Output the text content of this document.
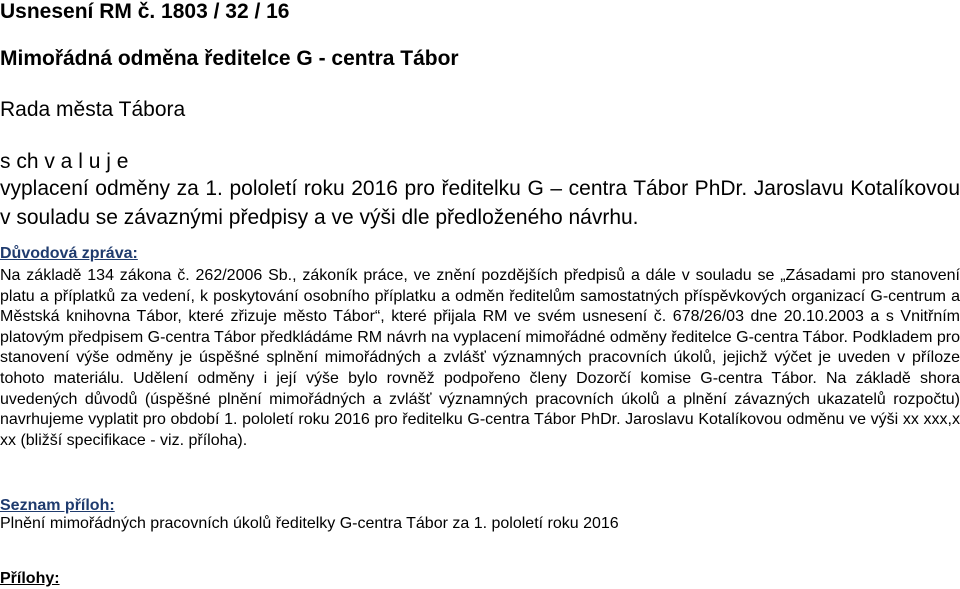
Usnesení RM č. 1803 / 32 / 16
Mimořádná odměna ředitelce G - centra Tábor

Rada města Tábora

s ch v a l u j e

vyplacení odměny za 1. pololetí roku 2016 pro ředitelku G – centra Tábor PhDr. Jaroslavu Kotalíkovou v souladu se závaznými předpisy a ve výši dle předloženého návrhu.

Důvodová zpráva:

Na základě 134 zákona č. 262/2006 Sb., zákoník práce, ve znění pozdějších předpisů a dále v souladu se „Zásadami pro stanovení platu a příplatků za vedení, k poskytování osobního příplatku a odměn ředitelům samostatných příspěvkových organizací G-centrum a Městská knihovna Tábor, které zřizuje město Tábor“, které přijala RM ve svém usnesení č. 678/26/03 dne 20.10.2003 a s Vnitřním platovým předpisem G-centra Tábor předkládáme RM návrh na vyplacení mimořádné odměny ředitelce G-centra Tábor. Podkladem pro stanovení výše odměny je úspěšné splnění mimořádných a zvlášť významných pracovních úkolů, jejichž výčet je uveden v příloze tohoto materiálu. Udělení odměny i její výše bylo rovněž podpořeno členy Dozorčí komise G-centra Tábor. Na základě shora uvedených důvodů (úspěšné plnění mimořádných a zvlášť významných pracovních úkolů a plnění závazných ukazatelů rozpočtu) navrhujeme vyplatit pro období 1. pololetí roku 2016 pro ředitelku G-centra Tábor PhDr. Jaroslavu Kotalíkovou odměnu ve výši xx xxx,x xx (bližší specifikace - viz. příloha).

Seznam příloh:

Plnění mimořádných pracovních úkolů ředitelky G-centra Tábor za 1. pololetí roku 2016

Přílohy:
